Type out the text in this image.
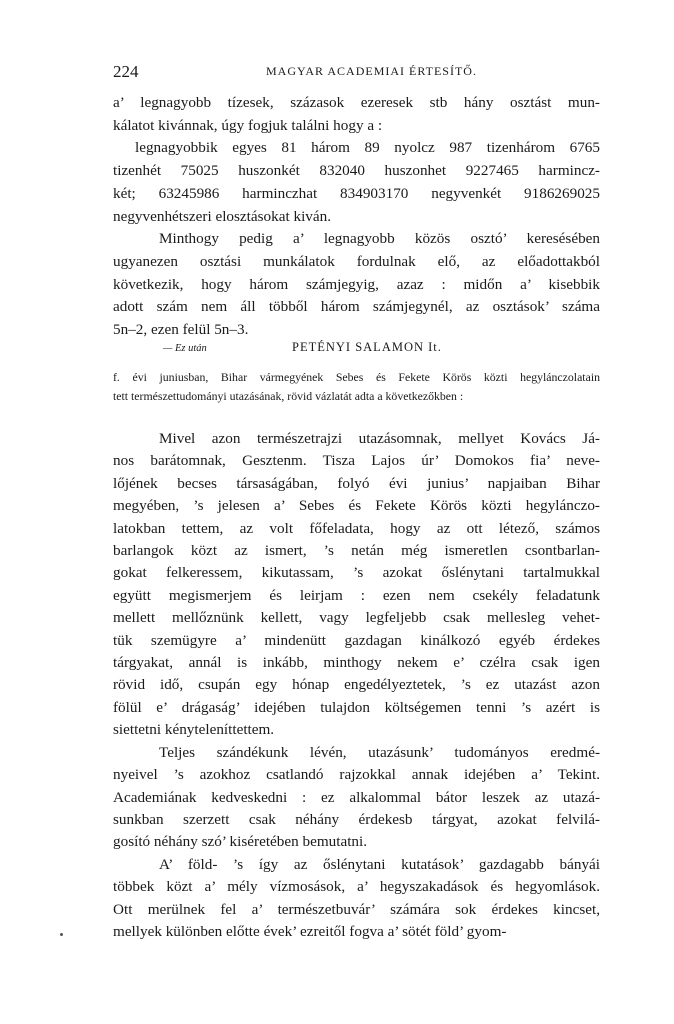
224	MAGYAR ACADEMIAI ÉRTESÍTŐ.
a’ legnagyobb tízesek, százasok ezeresek stb hány osztást mun-
kálatot kivánnak, úgy fogjuk találni hogy a :
legnagyobbik egyes 81 három 89 nyolcz 987 tizenhárom 6765
tizenhét 75025 huszonkét 832040 huszonhet 9227465 harmincz-
két; 63245986 harminczhat 834903170 negyvenkét 9186269025
negyvenhétszeri elosztásokat kiván.
Minthogy pedig a’ legnagyobb közös osztó’ keresésében
ugyanezen osztási munkálatok fordulnak elő, az előadottakból
következik, hogy három számjegyig, azaz : midőn a’ kisebbik
adott szám nem áll többől három számjegynél, az osztások’ száma
5n–2, ezen felül 5n–3.
— Ez után	PETÉNYI SALAMON It.
f. évi juniusban, Bihar vármegyének Sebes és Fekete Körös közti hegylánczolatain
tett természettudományi utazásának, rövid vázlatát adta a következőkben :
Mivel azon természetrajzi utazásomnak, mellyet Kovács Já-
nos barátomnak, Gesztenm. Tisza Lajos úr’ Domokos fia’ neve-
lőjének becses társaságában, folyó évi junius’ napjaiban Bihar
megyében, ’s jelesen a’ Sebes és Fekete Körös közti hegylánczo-
latokban tettem, az volt főfeladata, hogy az ott létező, számos
barlangok közt az ismert, ’s netán még ismeretlen csontbarlan-
gokat felkeressem, kikutassam, ’s azokat őslénytani tartalmukkal
együtt megismerjem és leirjam : ezen nem csekély feladatunk
mellett mellőznünk kellett, vagy legfeljebb csak mellesleg vehet-
tük szemügyre a’ mindenütt gazdagan kinálkozó egyéb érdekes
tárgyakat, annál is inkább, minthogy nekem e’ czélra csak igen
rövid idő, csupán egy hónap engedélyeztetek, ’s ez utazást azon
fölül e’ drágaság’ idejében tulajdon költségemen tenni ’s azért is
siettetni kényteleníttettem.
Teljes szándékunk lévén, utazásunk’ tudományos eredmé-
nyeivel ’s azokhoz csatlandó rajzokkal annak idejében a’ Tekint.
Academiának kedveskedni : ez alkalommal bátor leszek az utazá-
sunkban szerzett csak néhány érdekesb tárgyat, azokat felvilá-
gosító néhány szó’ kiséretében bemutatni.
A’ föld- ’s így az őslénytani kutatások’ gazdagabb bányái
többek közt a’ mély vízmosások, a’ hegyszakadások és hegyomlások.
Ott merülnek fel a’ természetbuvár’ számára sok érdekes kincset,
mellyek különben előtte évek’ ezreitől fogva a’ sötét föld’ gyom-
